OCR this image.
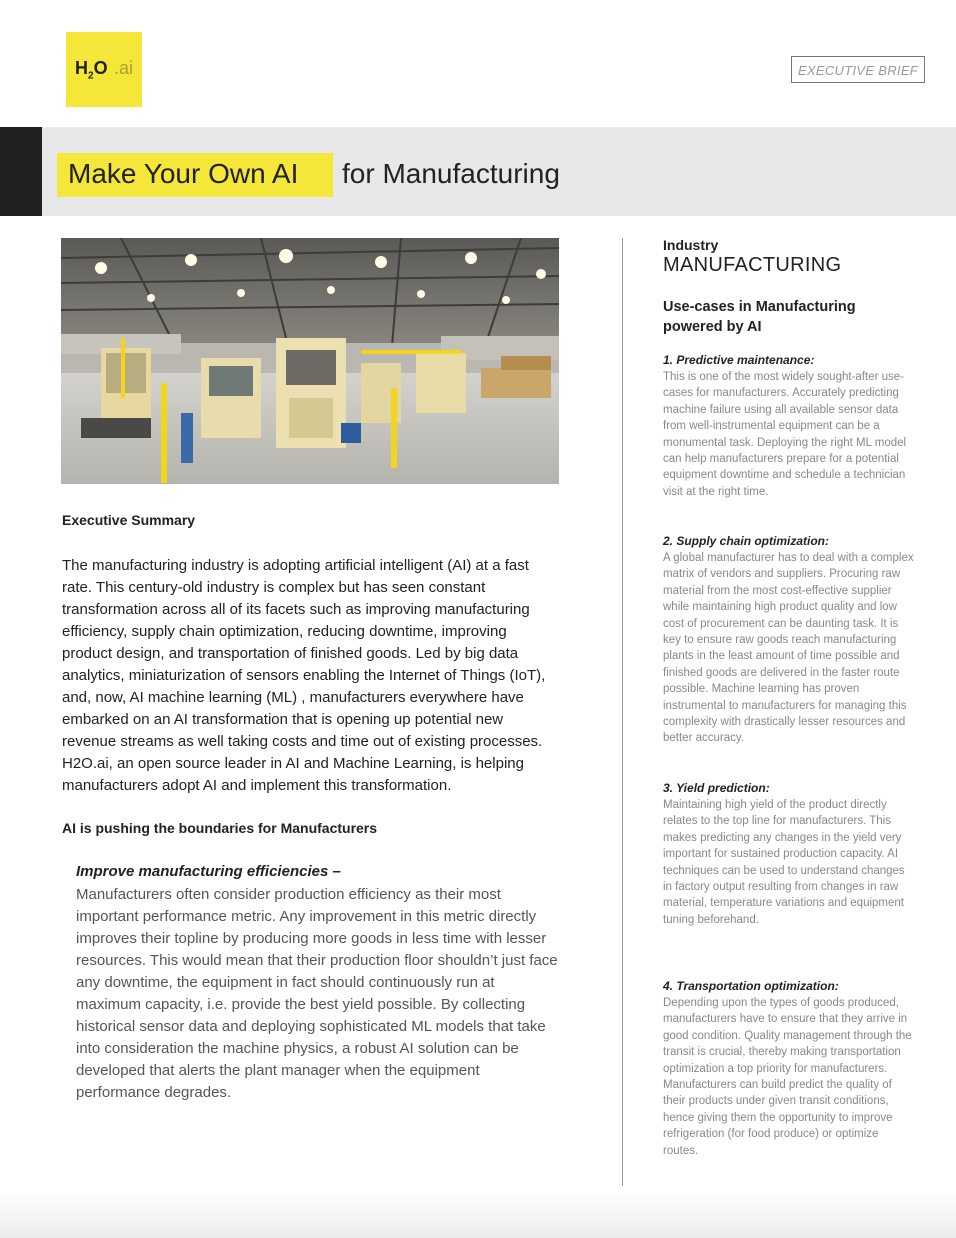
$H_2O$ .ai	EXECUTIVE BRIEF
Make Your Own AI for Manufacturing
Executive Summary
The manufacturing industry is adopting artificial intelligent (AI) at a fast rate. This century-old industry is complex but has seen constant transformation across all of its facets such as improving manufacturing efficiency, supply chain optimization, reducing downtime, improving product design, and transportation of finished goods. Led by big data analytics, miniaturization of sensors enabling the Internet of Things (IoT), and, now, AI machine learning (ML) , manufacturers everywhere have embarked on an AI transformation that is opening up potential new revenue streams as well taking costs and time out of existing processes. H2O.ai, an open source leader in AI and Machine Learning, is helping manufacturers adopt AI and implement this transformation.
AI is pushing the boundaries for Manufacturers
Improve manufacturing efficiencies –
Manufacturers often consider production efficiency as their most important performance metric. Any improvement in this metric directly improves their topline by producing more goods in less time with lesser resources. This would mean that their production floor shouldn’t just face any downtime, the equipment in fact should continuously run at maximum capacity, i.e. provide the best yield possible. By collecting historical sensor data and deploying sophisticated ML models that take into consideration the machine physics, a robust AI solution can be developed that alerts the plant manager when the equipment performance degrades.
Industry
MANUFACTURING
Use-cases in Manufacturing powered by AI
1. Predictive maintenance:
This is one of the most widely sought-after use-cases for manufacturers. Accurately predicting machine failure using all available sensor data from well-instrumental equipment can be a monumental task. Deploying the right ML model can help manufacturers prepare for a potential equipment downtime and schedule a technician visit at the right time.
2. Supply chain optimization:
A global manufacturer has to deal with a complex matrix of vendors and suppliers. Procuring raw material from the most cost-effective supplier while maintaining high product quality and low cost of procurement can be daunting task. It is key to ensure raw goods reach manufacturing plants in the least amount of time possible and finished goods are delivered in the faster route possible. Machine learning has proven instrumental to manufacturers for managing this complexity with drastically lesser resources and better accuracy.
3. Yield prediction:
Maintaining high yield of the product directly relates to the top line for manufacturers. This makes predicting any changes in the yield very important for sustained production capacity. AI techniques can be used to understand changes in factory output resulting from changes in raw material, temperature variations and equipment tuning beforehand.
4. Transportation optimization:
Depending upon the types of goods produced, manufacturers have to ensure that they arrive in good condition. Quality management through the transit is crucial, thereby making transportation optimization a top priority for manufacturers. Manufacturers can build predict the quality of their products under given transit conditions, hence giving them the opportunity to improve refrigeration (for food produce) or optimize routes.
